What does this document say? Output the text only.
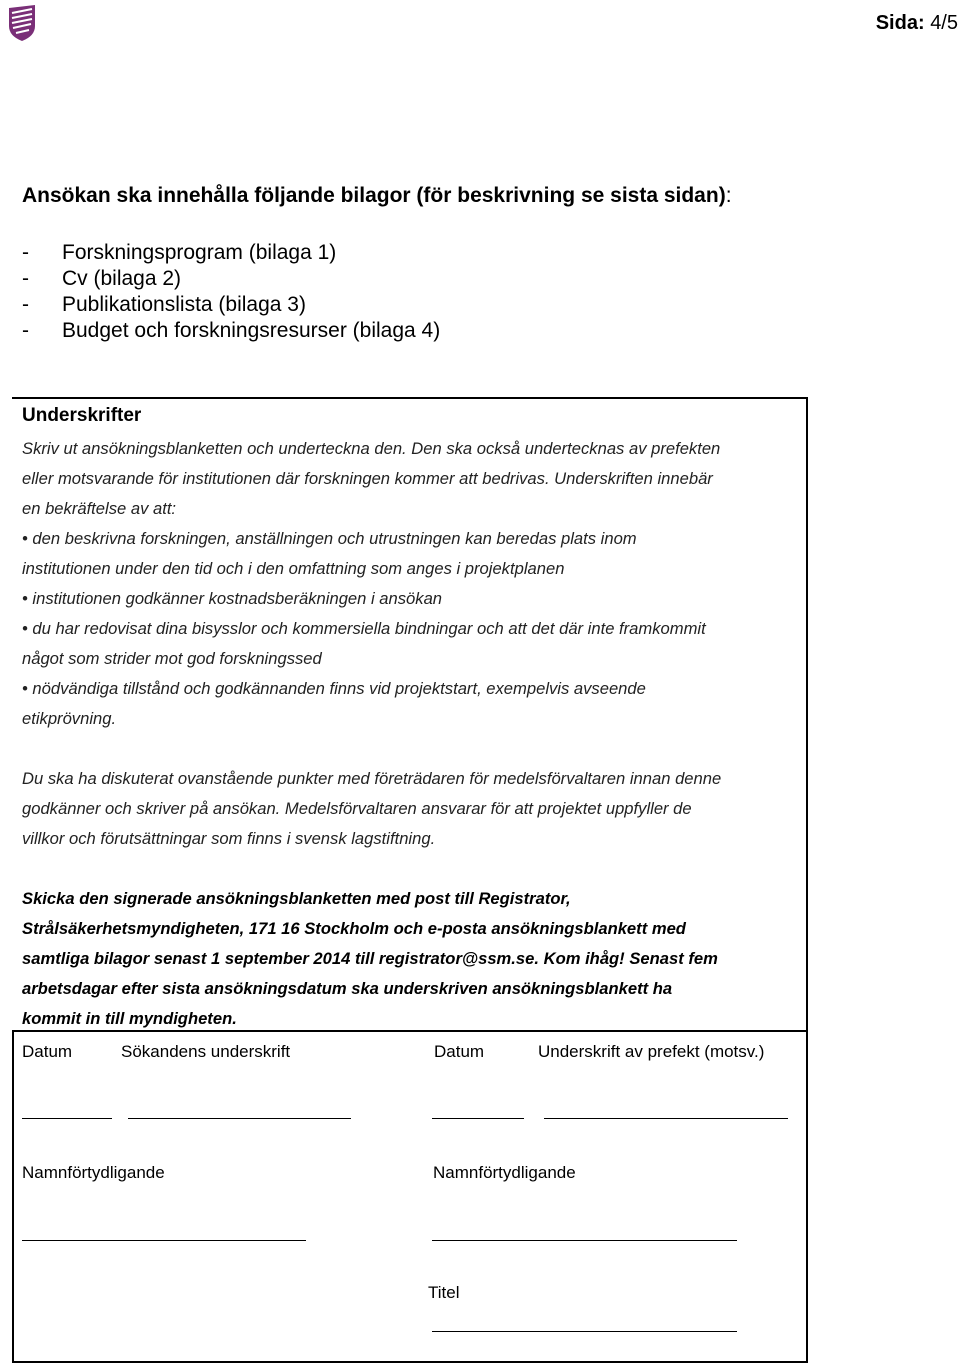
Sida: 4/5
Ansökan ska innehålla följande bilagor (för beskrivning se sista sidan):
- Forskningsprogram (bilaga 1)
- Cv (bilaga 2)
- Publikationslista (bilaga 3)
- Budget och forskningsresurser (bilaga 4)
Underskrifter
Skriv ut ansökningsblanketten och underteckna den. Den ska också undertecknas av prefekten
eller motsvarande för institutionen där forskningen kommer att bedrivas. Underskriften innebär
en bekräftelse av att:
• den beskrivna forskningen, anställningen och utrustningen kan beredas plats inom
institutionen under den tid och i den omfattning som anges i projektplanen
• institutionen godkänner kostnadsberäkningen i ansökan
• du har redovisat dina bisysslor och kommersiella bindningar och att det där inte framkommit
något som strider mot god forskningssed
• nödvändiga tillstånd och godkännanden finns vid projektstart, exempelvis avseende
etikprövning.
Du ska ha diskuterat ovanstående punkter med företrädaren för medelsförvaltaren innan denne
godkänner och skriver på ansökan. Medelsförvaltaren ansvarar för att projektet uppfyller de
villkor och förutsättningar som finns i svensk lagstiftning.
Skicka den signerade ansökningsblanketten med post till Registrator,
Strålsäkerhetsmyndigheten, 171 16 Stockholm och e-posta ansökningsblankett med
samtliga bilagor senast 1 september 2014 till registrator@ssm.se. Kom ihåg! Senast fem
arbetsdagar efter sista ansökningsdatum ska underskriven ansökningsblankett ha
kommit in till myndigheten.
Datum	Sökandens underskrift	Datum	Underskrift av prefekt (motsv.)
Namnförtydligande	Namnförtydligande
Titel
